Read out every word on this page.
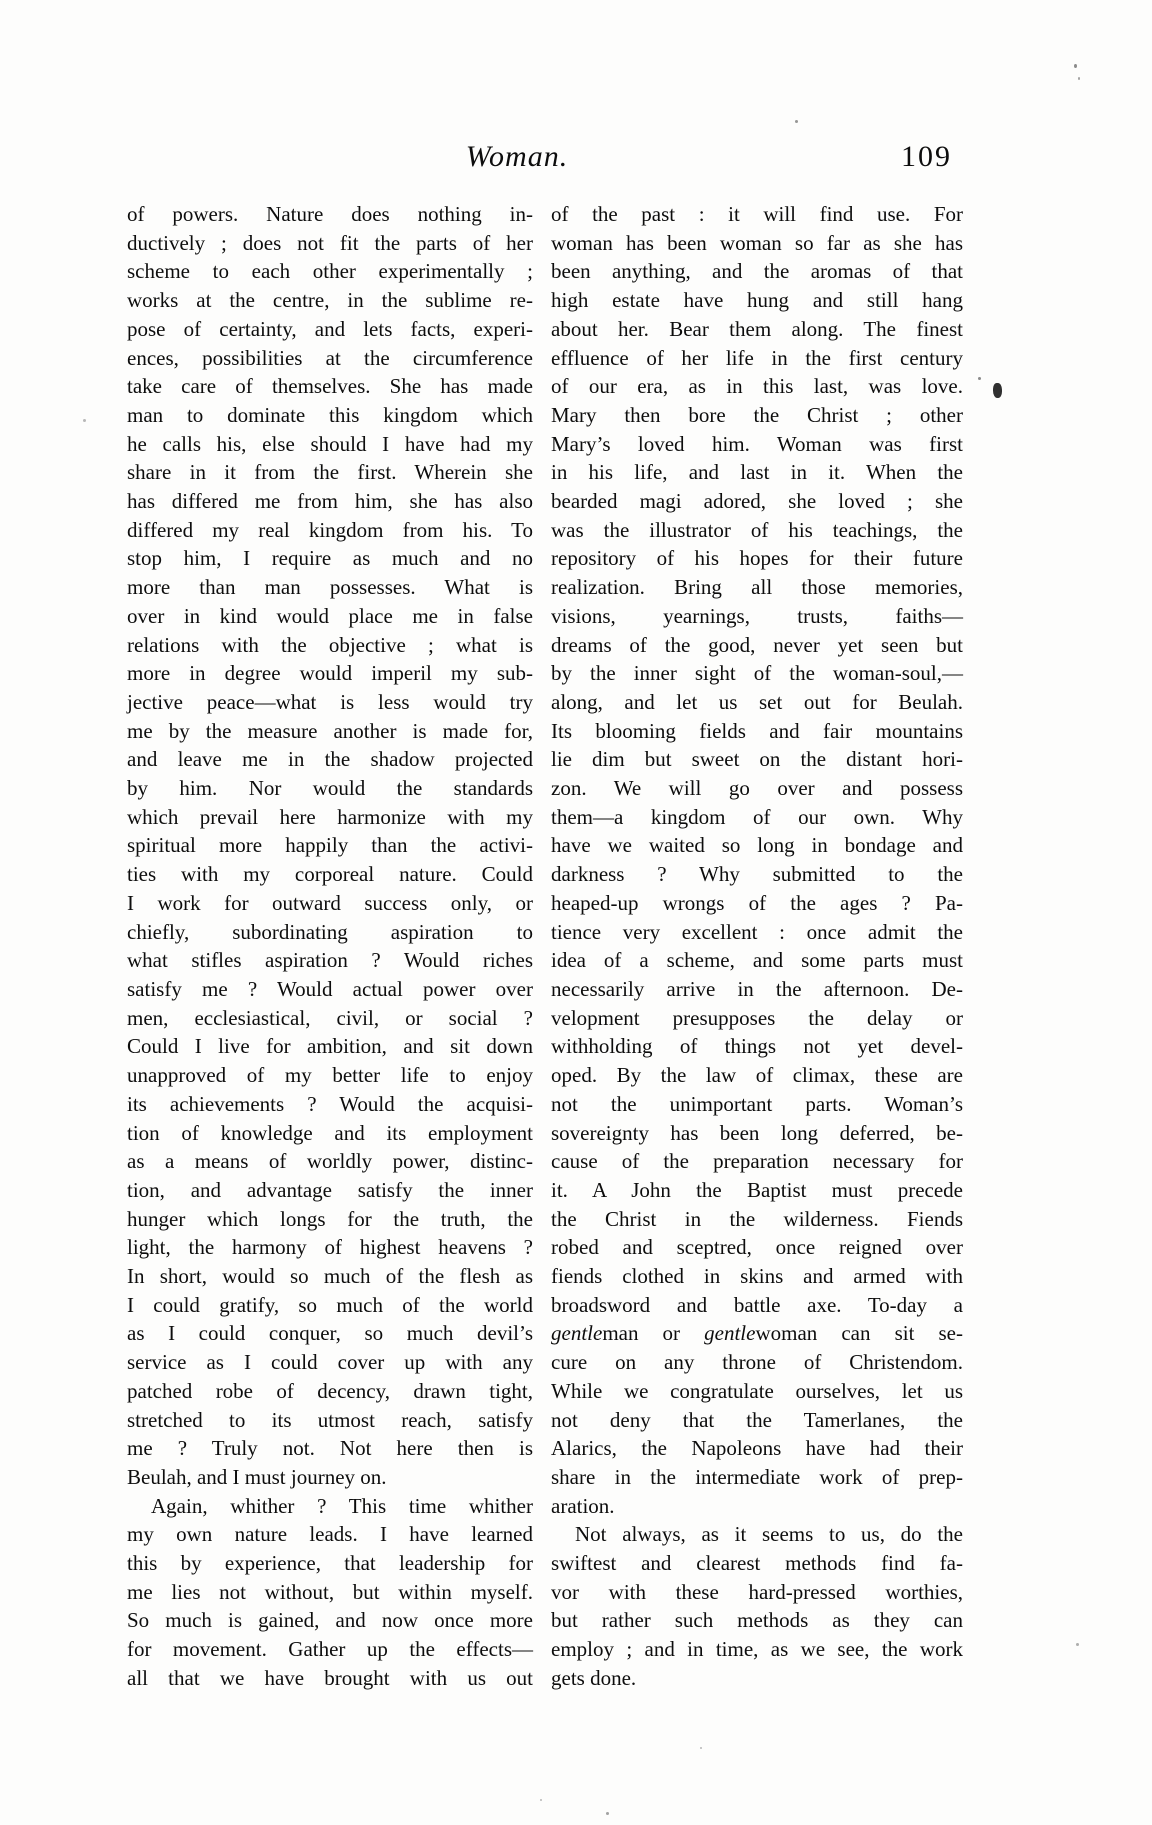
Woman.	109
of powers. Nature does nothing in-
ductively ; does not fit the parts of her
scheme to each other experimentally ;
works at the centre, in the sublime re-
pose of certainty, and lets facts, experi-
ences, possibilities at the circumference
take care of themselves. She has made
man to dominate this kingdom which
he calls his, else should I have had my
share in it from the first. Wherein she
has differed me from him, she has also
differed my real kingdom from his. To
stop him, I require as much and no
more than man possesses. What is
over in kind would place me in false
relations with the objective ; what is
more in degree would imperil my sub-
jective peace—what is less would try
me by the measure another is made for,
and leave me in the shadow projected
by him. Nor would the standards
which prevail here harmonize with my
spiritual more happily than the activi-
ties with my corporeal nature. Could
I work for outward success only, or
chiefly, subordinating aspiration to
what stifles aspiration ? Would riches
satisfy me ? Would actual power over
men, ecclesiastical, civil, or social ?
Could I live for ambition, and sit down
unapproved of my better life to enjoy
its achievements ? Would the acquisi-
tion of knowledge and its employment
as a means of worldly power, distinc-
tion, and advantage satisfy the inner
hunger which longs for the truth, the
light, the harmony of highest heavens ?
In short, would so much of the flesh as
I could gratify, so much of the world
as I could conquer, so much devil’s
service as I could cover up with any
patched robe of decency, drawn tight,
stretched to its utmost reach, satisfy
me ? Truly not. Not here then is
Beulah, and I must journey on.
Again, whither ? This time whither
my own nature leads. I have learned
this by experience, that leadership for
me lies not without, but within myself.
So much is gained, and now once more
for movement. Gather up the effects—
all that we have brought with us out
of the past : it will find use. For
woman has been woman so far as she has
been anything, and the aromas of that
high estate have hung and still hang
about her. Bear them along. The finest
effluence of her life in the first century
of our era, as in this last, was love.
Mary then bore the Christ ; other
Mary’s loved him. Woman was first
in his life, and last in it. When the
bearded magi adored, she loved ; she
was the illustrator of his teachings, the
repository of his hopes for their future
realization. Bring all those memories,
visions, yearnings, trusts, faiths—
dreams of the good, never yet seen but
by the inner sight of the woman-soul,—
along, and let us set out for Beulah.
Its blooming fields and fair mountains
lie dim but sweet on the distant hori-
zon. We will go over and possess
them—a kingdom of our own. Why
have we waited so long in bondage and
darkness ? Why submitted to the
heaped-up wrongs of the ages ? Pa-
tience very excellent : once admit the
idea of a scheme, and some parts must
necessarily arrive in the afternoon. De-
velopment presupposes the delay or
withholding of things not yet devel-
oped. By the law of climax, these are
not the unimportant parts. Woman’s
sovereignty has been long deferred, be-
cause of the preparation necessary for
it. A John the Baptist must precede
the Christ in the wilderness. Fiends
robed and sceptred, once reigned over
fiends clothed in skins and armed with
broadsword and battle axe. To-day a
gentleman or gentlewoman can sit se-
cure on any throne of Christendom.
While we congratulate ourselves, let us
not deny that the Tamerlanes, the
Alarics, the Napoleons have had their
share in the intermediate work of prep-
aration.
Not always, as it seems to us, do the
swiftest and clearest methods find fa-
vor with these hard-pressed worthies,
but rather such methods as they can
employ ; and in time, as we see, the work
gets done.
